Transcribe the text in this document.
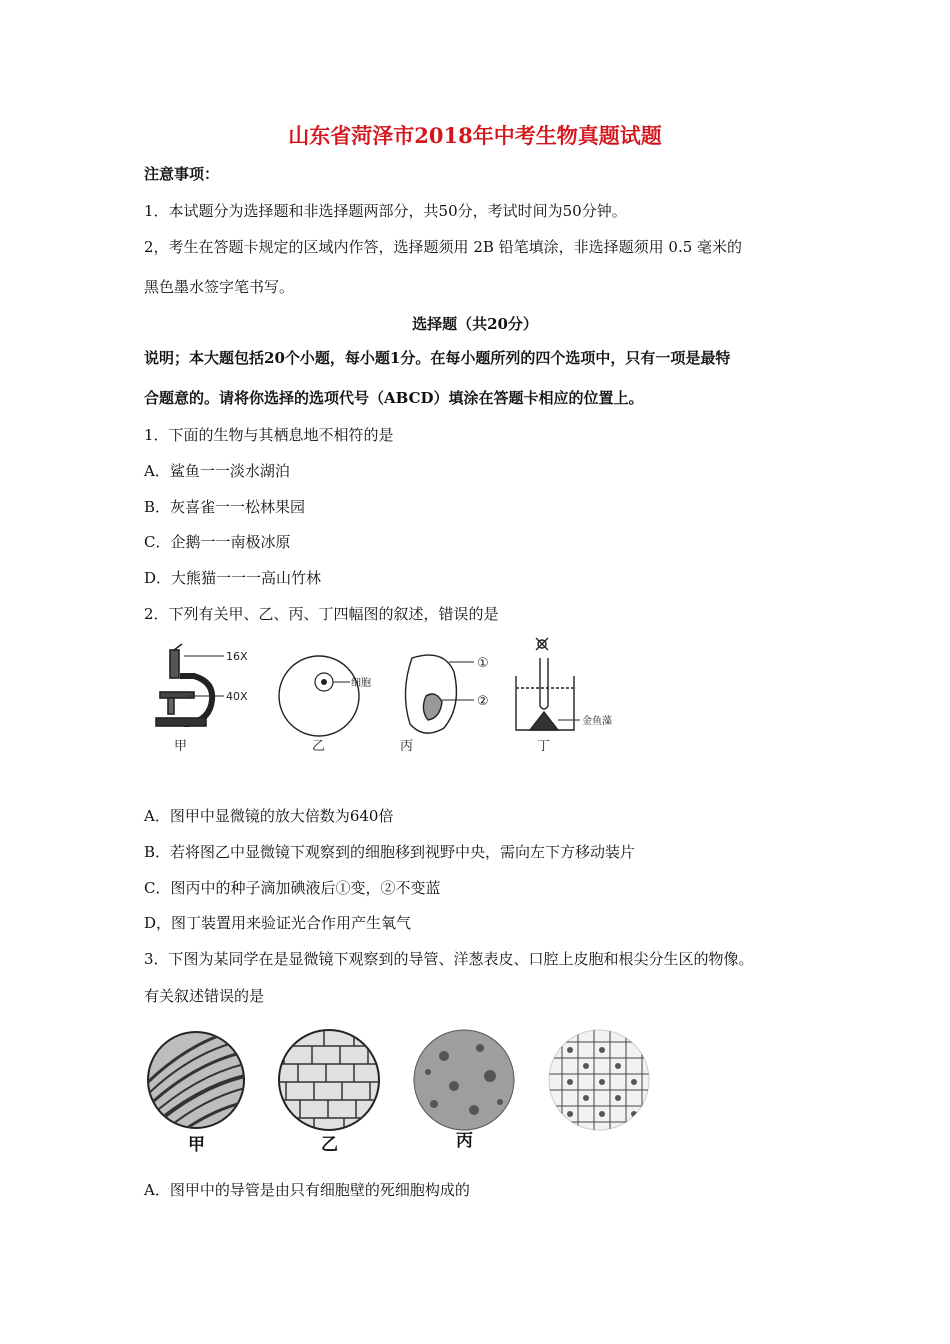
山东省菏泽市2018年中考生物真题试题
注意事项：
1．本试题分为选择题和非选择题两部分，共50分，考试时间为50分钟。
2，考生在答题卡规定的区域内作答，选择题须用 2B 铅笔填涂，非选择题须用 0.5 毫米的
黑色墨水签字笔书写。
选择题（共20分）
说明；本大题包括20个小题，每小题1分。在每小题所列的四个选项中，只有一项是最特
合题意的。请将你选择的选项代号（ABCD）填涂在答题卡相应的位置上。
1．下面的生物与其栖息地不相符的是
A．鲨鱼一一淡水湖泊
B．灰喜雀一一松林果园
C．企鹅一一南极冰原
D．大熊猫一一一高山竹林
2．下列有关甲、乙、丙、丁四幅图的叙述，错误的是
16X
40X
甲
细胞
乙
①
②
丙
金鱼藻
丁
A．图甲中显微镜的放大倍数为640倍
B．若将图乙中显微镜下观察到的细胞移到视野中央，需向左下方移动装片
C．图丙中的种子滴加碘液后①变，②不变蓝
D，图丁装置用来验证光合作用产生氧气
3．下图为某同学在是显微镜下观察到的导管、洋葱表皮、口腔上皮胞和根尖分生区的物像。
有关叙述错误的是
甲	乙	丙
A．图甲中的导管是由只有细胞壁的死细胞构成的
